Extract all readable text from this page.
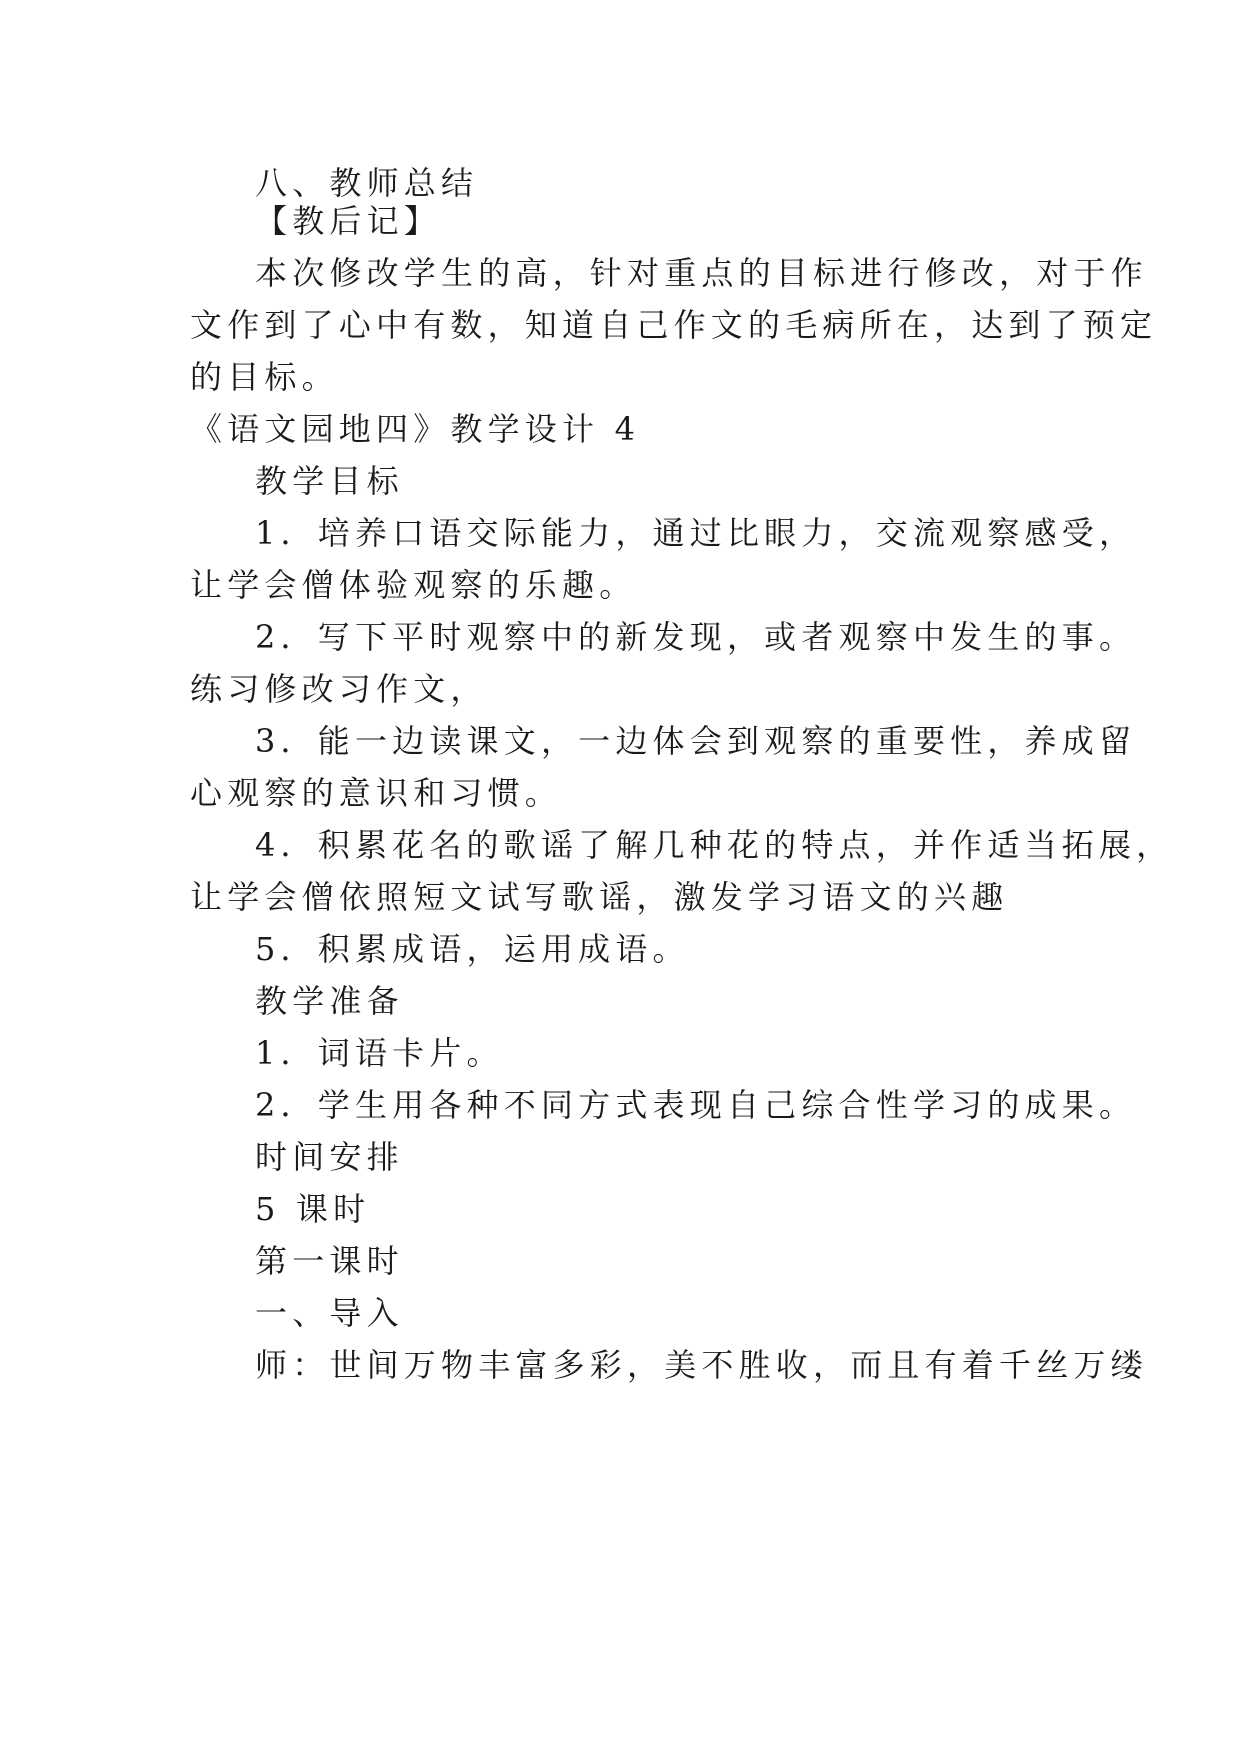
八、教师总结
【教后记】
本次修改学生的高，针对重点的目标进行修改，对于作
文作到了心中有数，知道自己作文的毛病所在，达到了预定
的目标。
《语文园地四》教学设计 4
教学目标
1．培养口语交际能力，通过比眼力，交流观察感受，
让学会僧体验观察的乐趣。
2．写下平时观察中的新发现，或者观察中发生的事。
练习修改习作文，
3．能一边读课文，一边体会到观察的重要性，养成留
心观察的意识和习惯。
4．积累花名的歌谣了解几种花的特点，并作适当拓展，
让学会僧依照短文试写歌谣，激发学习语文的兴趣
5．积累成语，运用成语。
教学准备
1．词语卡片。
2．学生用各种不同方式表现自己综合性学习的成果。
时间安排
5 课时
第一课时
一、导入
师：世间万物丰富多彩，美不胜收，而且有着千丝万缕
